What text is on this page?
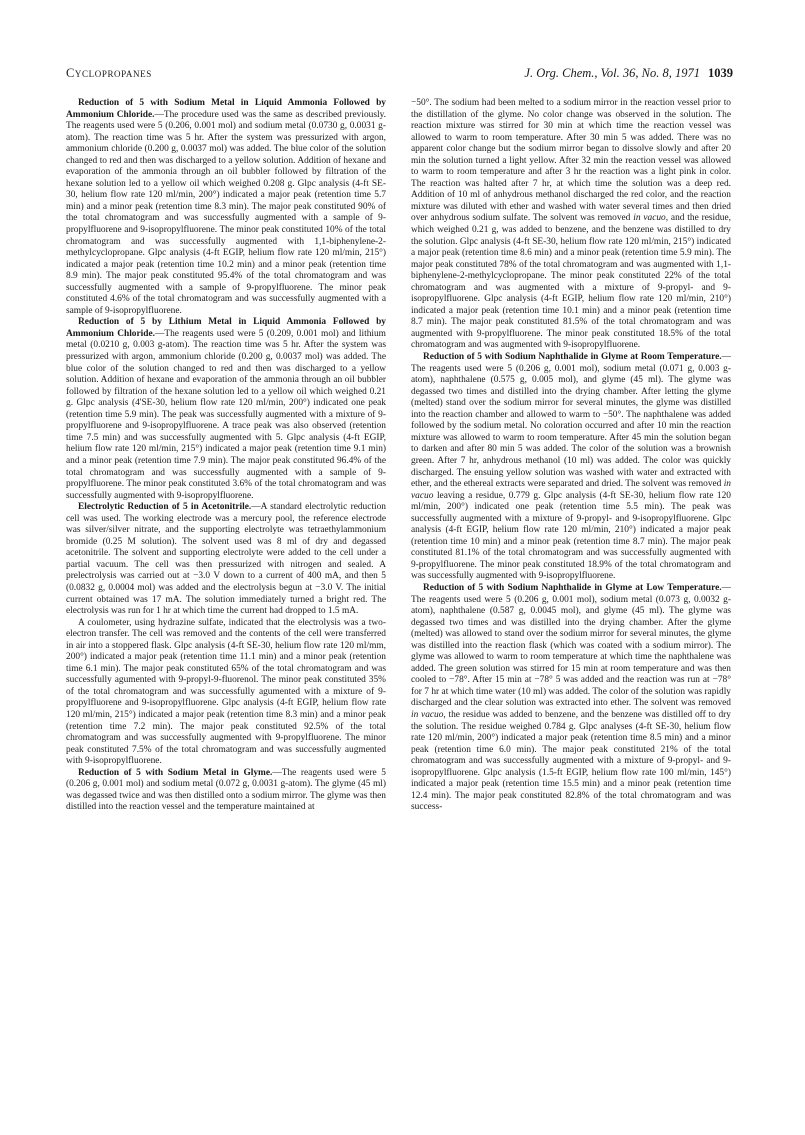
Cyclopropanes	J. Org. Chem., Vol. 36, No. 8, 1971 1039

Reduction of 5 with Sodium Metal in Liquid Ammonia Followed by Ammonium Chloride.—The procedure used was the same as described previously. The reagents used were 5 (0.206, 0.001 mol) and sodium metal (0.0730 g, 0.0031 g-atom). The reaction time was 5 hr. After the system was pressurized with argon, ammonium chloride (0.200 g, 0.0037 mol) was added. The blue color of the solution changed to red and then was discharged to a yellow solution. Addition of hexane and evaporation of the ammonia through an oil bubbler followed by filtration of the hexane solution led to a yellow oil which weighed 0.208 g. Glpc analysis (4-ft SE-30, helium flow rate 120 ml/min, 200°) indicated a major peak (retention time 5.7 min) and a minor peak (retention time 8.3 min). The major peak constituted 90% of the total chromatogram and was successfully augmented with a sample of 9-propylfluorene and 9-isopropylfluorene. The minor peak constituted 10% of the total chromatogram and was successfully augmented with 1,1-biphenylene-2-methylcyclopropane. Glpc analysis (4-ft EGIP, helium flow rate 120 ml/min, 215°) indicated a major peak (retention time 10.2 min) and a minor peak (retention time 8.9 min). The major peak constituted 95.4% of the total chromatogram and was successfully augmented with a sample of 9-propylfluorene. The minor peak constituted 4.6% of the total chromatogram and was successfully augmented with a sample of 9-isopropylfluorene.

Reduction of 5 by Lithium Metal in Liquid Ammonia Followed by Ammonium Chloride.—The reagents used were 5 (0.209, 0.001 mol) and lithium metal (0.0210 g, 0.003 g-atom). The reaction time was 5 hr. After the system was pressurized with argon, ammonium chloride (0.200 g, 0.0037 mol) was added. The blue color of the solution changed to red and then was discharged to a yellow solution. Addition of hexane and evaporation of the ammonia through an oil bubbler followed by filtration of the hexane solution led to a yellow oil which weighed 0.21 g. Glpc analysis (4'SE-30, helium flow rate 120 ml/min, 200°) indicated one peak (retention time 5.9 min). The peak was successfully augmented with a mixture of 9-propylfluorene and 9-isopropylfluorene. A trace peak was also observed (retention time 7.5 min) and was successfully augmented with 5. Glpc analysis (4-ft EGIP, helium flow rate 120 ml/min, 215°) indicated a major peak (retention time 9.1 min) and a minor peak (retention time 7.9 min). The major peak constituted 96.4% of the total chromatogram and was successfully augmented with a sample of 9-propylfluorene. The minor peak constituted 3.6% of the total chromatogram and was successfully augmented with 9-isopropylfluorene.

Electrolytic Reduction of 5 in Acetonitrile.—A standard electrolytic reduction cell was used. The working electrode was a mercury pool, the reference electrode was silver/silver nitrate, and the supporting electrolyte was tetraethylammonium bromide (0.25 M solution). The solvent used was 8 ml of dry and degassed acetonitrile. The solvent and supporting electrolyte were added to the cell under a partial vacuum. The cell was then pressurized with nitrogen and sealed. A prelectrolysis was carried out at −3.0 V down to a current of 400 mA, and then 5 (0.0832 g, 0.0004 mol) was added and the electrolysis begun at −3.0 V. The initial current obtained was 17 mA. The solution immediately turned a bright red. The electrolysis was run for 1 hr at which time the current had dropped to 1.5 mA.

A coulometer, using hydrazine sulfate, indicated that the electrolysis was a two-electron transfer. The cell was removed and the contents of the cell were transferred in air into a stoppered flask. Glpc analysis (4-ft SE-30, helium flow rate 120 ml/mm, 200°) indicated a major peak (retention time 11.1 min) and a minor peak (retention time 6.1 min). The major peak constituted 65% of the total chromatogram and was successfully agumented with 9-propyl-9-fluorenol. The minor peak constituted 35% of the total chromatogram and was successfully agumented with a mixture of 9-propylfluorene and 9-isopropylfluorene. Glpc analysis (4-ft EGIP, helium flow rate 120 ml/min, 215°) indicated a major peak (retention time 8.3 min) and a minor peak (retention time 7.2 min). The major peak constituted 92.5% of the total chromatogram and was successfully augmented with 9-propylfluorene. The minor peak constituted 7.5% of the total chromatogram and was successfully augmented with 9-isopropylfluorene.

Reduction of 5 with Sodium Metal in Glyme.—The reagents used were 5 (0.206 g, 0.001 mol) and sodium metal (0.072 g, 0.0031 g-atom). The glyme (45 ml) was degassed twice and was then distilled onto a sodium mirror. The glyme was then distilled into the reaction vessel and the temperature maintained at

−50°. The sodium had been melted to a sodium mirror in the reaction vessel prior to the distillation of the glyme. No color change was observed in the solution. The reaction mixture was stirred for 30 min at which time the reaction vessel was allowed to warm to room temperature. After 30 min 5 was added. There was no apparent color change but the sodium mirror began to dissolve slowly and after 20 min the solution turned a light yellow. After 32 min the reaction vessel was allowed to warm to room temperature and after 3 hr the reaction was a light pink in color. The reaction was halted after 7 hr, at which time the solution was a deep red. Addition of 10 ml of anhydrous methanol discharged the red color, and the reaction mixture was diluted with ether and washed with water several times and then dried over anhydrous sodium sulfate. The solvent was removed in vacuo, and the residue, which weighed 0.21 g, was added to benzene, and the benzene was distilled to dry the solution. Glpc analysis (4-ft SE-30, helium flow rate 120 ml/min, 215°) indicated a major peak (retention time 8.6 min) and a minor peak (retention time 5.9 min). The major peak constituted 78% of the total chromatogram and was augmented with 1,1-biphenylene-2-methylcyclopropane. The minor peak constituted 22% of the total chromatogram and was augmented with a mixture of 9-propyl- and 9-isopropylfluorene. Glpc analysis (4-ft EGIP, helium flow rate 120 ml/min, 210°) indicated a major peak (retention time 10.1 min) and a minor peak (retention time 8.7 min). The major peak constituted 81.5% of the total chromatogram and was augmented with 9-propylfluorene. The minor peak constituted 18.5% of the total chromatogram and was augmented with 9-isopropylfluorene.

Reduction of 5 with Sodium Naphthalide in Glyme at Room Temperature.—The reagents used were 5 (0.206 g, 0.001 mol), sodium metal (0.071 g, 0.003 g-atom), naphthalene (0.575 g, 0.005 mol), and glyme (45 ml). The glyme was degassed two times and distilled into the drying chamber. After letting the glyme (melted) stand over the sodium mirror for several minutes, the glyme was distilled into the reaction chamber and allowed to warm to −50°. The naphthalene was added followed by the sodium metal. No coloration occurred and after 10 min the reaction mixture was allowed to warm to room temperature. After 45 min the solution began to darken and after 80 min 5 was added. The color of the solution was a brownish green. After 7 hr, anhydrous methanol (10 ml) was added. The color was quickly discharged. The ensuing yellow solution was washed with water and extracted with ether, and the ethereal extracts were separated and dried. The solvent was removed in vacuo leaving a residue, 0.779 g. Glpc analysis (4-ft SE-30, helium flow rate 120 ml/min, 200°) indicated one peak (retention time 5.5 min). The peak was successfully augmented with a mixture of 9-propyl- and 9-isopropylfluorene. Glpc analysis (4-ft EGIP, helium flow rate 120 ml/min, 210°) indicated a major peak (retention time 10 min) and a minor peak (retention time 8.7 min). The major peak constituted 81.1% of the total chromatogram and was successfully augmented with 9-propylfluorene. The minor peak constituted 18.9% of the total chromatogram and was successfully augmented with 9-isopropylfluorene.

Reduction of 5 with Sodium Naphthalide in Glyme at Low Temperature.—The reagents used were 5 (0.206 g, 0.001 mol), sodium metal (0.073 g, 0.0032 g-atom), naphthalene (0.587 g, 0.0045 mol), and glyme (45 ml). The glyme was degassed two times and was distilled into the drying chamber. After the glyme (melted) was allowed to stand over the sodium mirror for several minutes, the glyme was distilled into the reaction flask (which was coated with a sodium mirror). The glyme was allowed to warm to room temperature at which time the naphthalene was added. The green solution was stirred for 15 min at room temperature and was then cooled to −78°. After 15 min at −78° 5 was added and the reaction was run at −78° for 7 hr at which time water (10 ml) was added. The color of the solution was rapidly discharged and the clear solution was extracted into ether. The solvent was removed in vacuo, the residue was added to benzene, and the benzene was distilled off to dry the solution. The residue weighed 0.784 g. Glpc analyses (4-ft SE-30, helium flow rate 120 ml/min, 200°) indicated a major peak (retention time 8.5 min) and a minor peak (retention time 6.0 min). The major peak constituted 21% of the total chromatogram and was successfully augmented with a mixture of 9-propyl- and 9-isopropylfluorene. Glpc analysis (1.5-ft EGIP, helium flow rate 100 ml/min, 145°) indicated a major peak (retention time 15.5 min) and a minor peak (retention time 12.4 min). The major peak constituted 82.8% of the total chromatogram and was success-
